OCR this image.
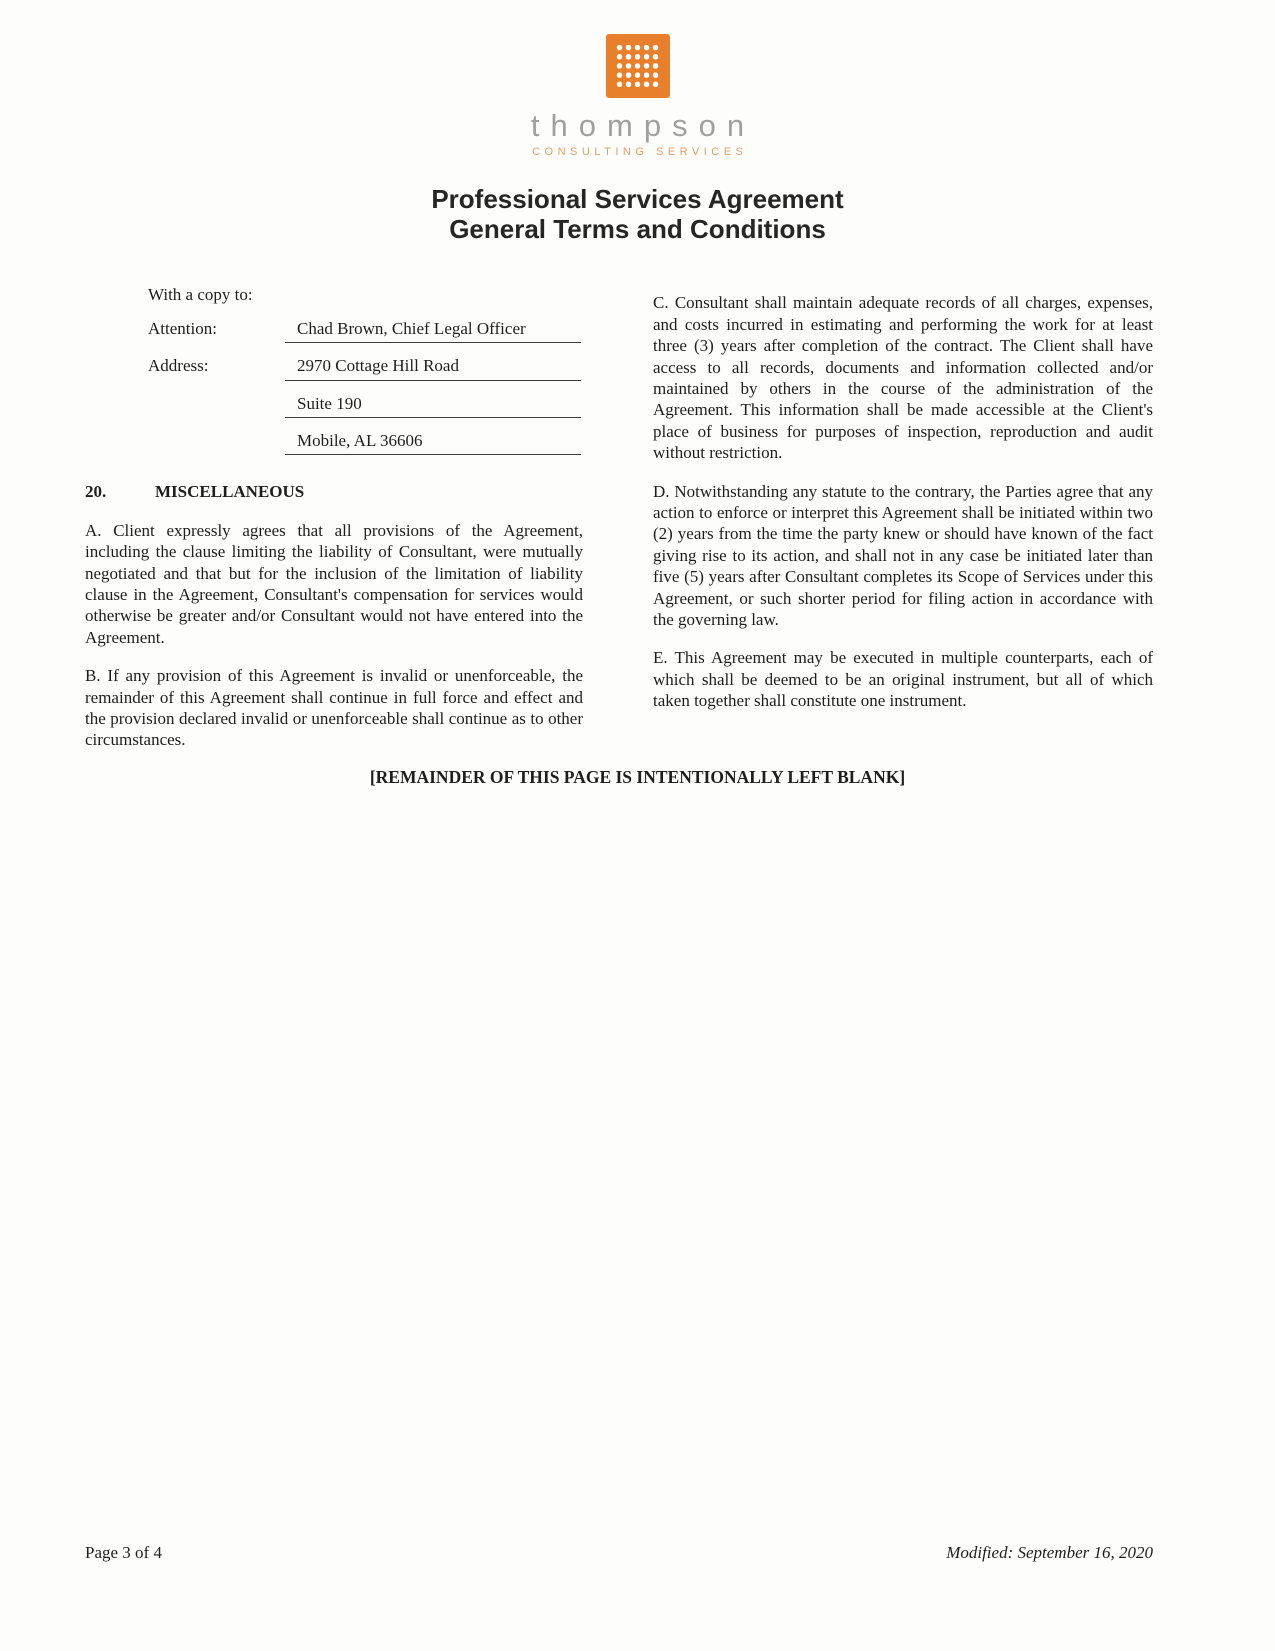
thompson
CONSULTING SERVICES
Professional Services Agreement
General Terms and Conditions

With a copy to:

Attention:	Chad Brown, Chief Legal Officer
Address:	2970 Cottage Hill Road
Suite 190
Mobile, AL 36606
20.	MISCELLANEOUS

A. Client expressly agrees that all provisions of the Agreement, including the clause limiting the liability of Consultant, were mutually negotiated and that but for the inclusion of the limitation of liability clause in the Agreement, Consultant's compensation for services would otherwise be greater and/or Consultant would not have entered into the Agreement.

B. If any provision of this Agreement is invalid or unenforceable, the remainder of this Agreement shall continue in full force and effect and the provision declared invalid or unenforceable shall continue as to other circumstances.

C. Consultant shall maintain adequate records of all charges, expenses, and costs incurred in estimating and performing the work for at least three (3) years after completion of the contract. The Client shall have access to all records, documents and information collected and/or maintained by others in the course of the administration of the Agreement. This information shall be made accessible at the Client's place of business for purposes of inspection, reproduction and audit without restriction.

D. Notwithstanding any statute to the contrary, the Parties agree that any action to enforce or interpret this Agreement shall be initiated within two (2) years from the time the party knew or should have known of the fact giving rise to its action, and shall not in any case be initiated later than five (5) years after Consultant completes its Scope of Services under this Agreement, or such shorter period for filing action in accordance with the governing law.

E. This Agreement may be executed in multiple counterparts, each of which shall be deemed to be an original instrument, but all of which taken together shall constitute one instrument.

[REMAINDER OF THIS PAGE IS INTENTIONALLY LEFT BLANK]
Page 3 of 4	Modified: September 16, 2020
